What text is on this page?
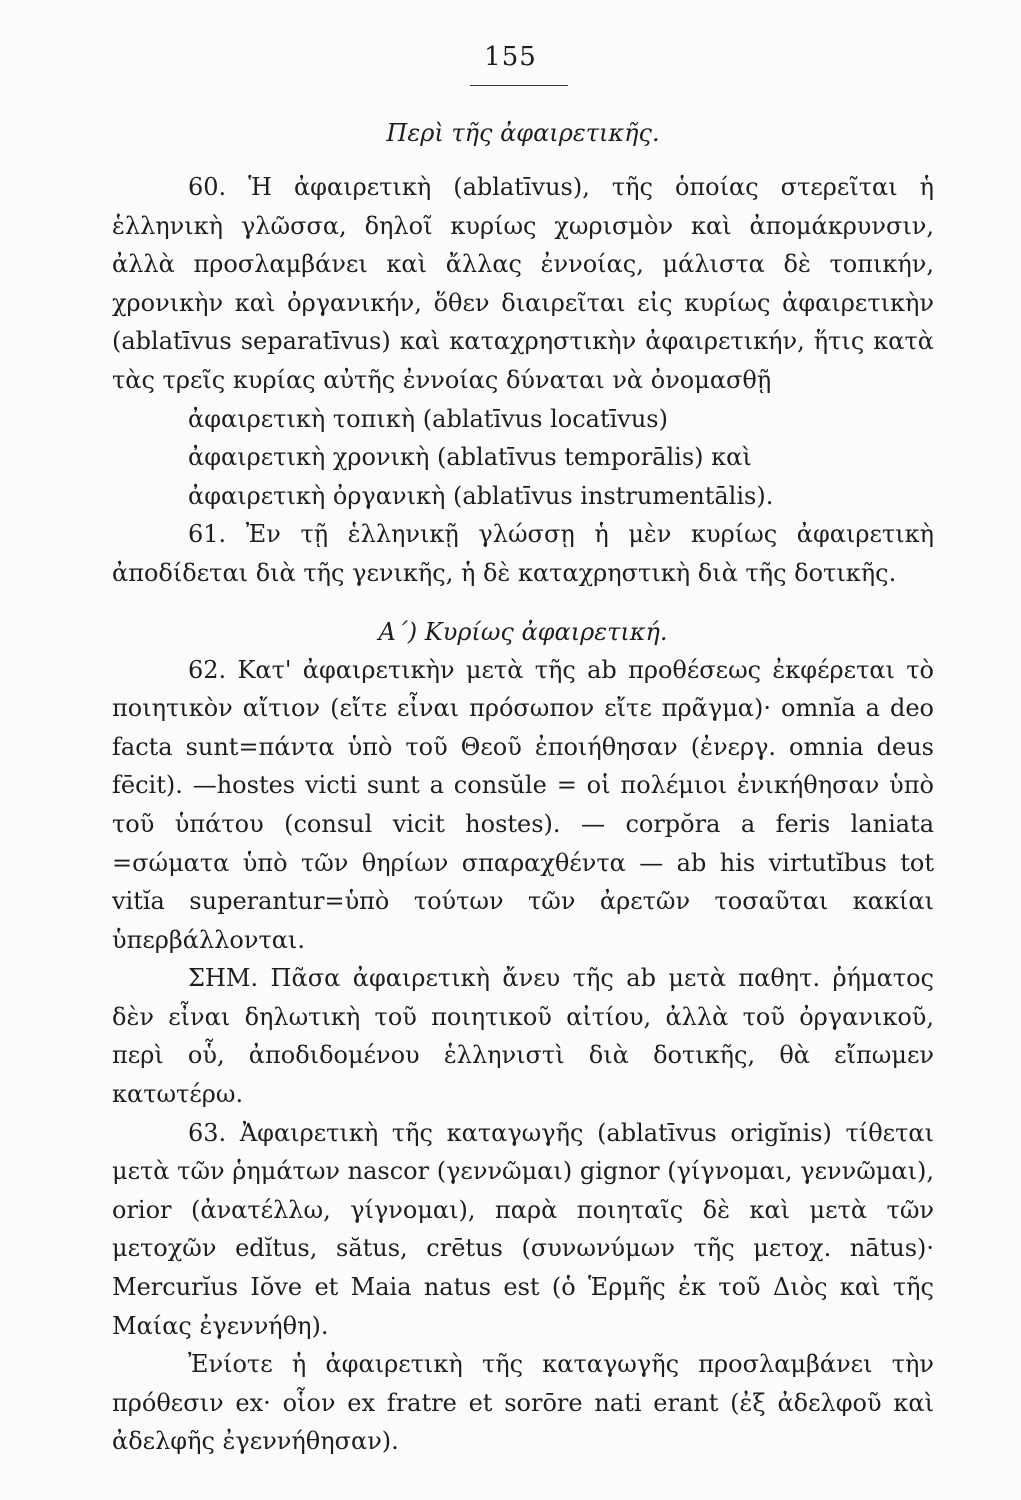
155
Περὶ τῆς ἀφαιρετικῆς.

60. Ἡ ἀφαιρετικὴ (ablatīvus), τῆς ὁποίας στερεῖται ἡ ἑλληνικὴ γλῶσσα, δηλοῖ κυρίως χωρισμὸν καὶ ἀπομάκρυνσιν, ἀλλὰ προσλαμβάνει καὶ ἄλλας ἐννοίας, μάλιστα δὲ τοπικήν, χρονικὴν καὶ ὀργανικήν, ὅθεν διαιρεῖται εἰς κυρίως ἀφαιρετικὴν (ablatīvus separatīvus) καὶ καταχρηστικὴν ἀφαιρετικήν, ἥτις κατὰ τὰς τρεῖς κυρίας αὐτῆς ἐννοίας δύναται νὰ ὀνομασθῇ

ἀφαιρετικὴ τοπικὴ (ablatīvus locatīvus)

ἀφαιρετικὴ χρονικὴ (ablatīvus temporālis) καὶ

ἀφαιρετικὴ ὀργανικὴ (ablatīvus instrumentālis).

61. Ἐν τῇ ἑλληνικῇ γλώσσῃ ἡ μὲν κυρίως ἀφαιρετικὴ ἀποδίδεται διὰ τῆς γενικῆς, ἡ δὲ καταχρηστικὴ διὰ τῆς δοτικῆς.

Α΄) Κυρίως ἀφαιρετική.

62. Κατ' ἀφαιρετικὴν μετὰ τῆς ab προθέσεως ἐκφέρεται τὸ ποιητικὸν αἴτιον (εἴτε εἶναι πρόσωπον εἴτε πρᾶγμα)· omnĭa a deo facta sunt=πάντα ὑπὸ τοῦ Θεοῦ ἐποιήθησαν (ἐνεργ. omnia deus fēcit). —hostes victi sunt a consŭle = οἱ πολέμιοι ἐνικήθησαν ὑπὸ τοῦ ὑπάτου (consul vicit hostes). — corpŏra a feris laniata =σώματα ὑπὸ τῶν θηρίων σπαραχθέντα — ab his virtutĭbus tot vitĭa superantur=ὑπὸ τούτων τῶν ἀρετῶν τοσαῦται κακίαι ὑπερβάλλονται.

ΣΗΜ. Πᾶσα ἀφαιρετικὴ ἄνευ τῆς ab μετὰ παθητ. ῥήματος δὲν εἶναι δηλωτικὴ τοῦ ποιητικοῦ αἰτίου, ἀλλὰ τοῦ ὀργανικοῦ, περὶ οὗ, ἀποδιδομένου ἑλληνιστὶ διὰ δοτικῆς, θὰ εἴπωμεν κατωτέρω.

63. Ἀφαιρετικὴ τῆς καταγωγῆς (ablatīvus origĭnis) τίθεται μετὰ τῶν ῥημάτων nascor (γεννῶμαι) gignor (γίγνομαι, γεννῶμαι), orior (ἀνατέλλω, γίγνομαι), παρὰ ποιηταῖς δὲ καὶ μετὰ τῶν μετοχῶν edĭtus, sătus, crētus (συνωνύμων τῆς μετοχ. nātus)· Mercurĭus Iŏve et Maia natus est (ὁ Ἑρμῆς ἐκ τοῦ Διὸς καὶ τῆς Μαίας ἐγεννήθη).

Ἐνίοτε ἡ ἀφαιρετικὴ τῆς καταγωγῆς προσλαμβάνει τὴν πρόθεσιν ex· οἷον ex fratre et sorōre nati erant (ἐξ ἀδελφοῦ καὶ ἀδελφῆς ἐγεννήθησαν).
